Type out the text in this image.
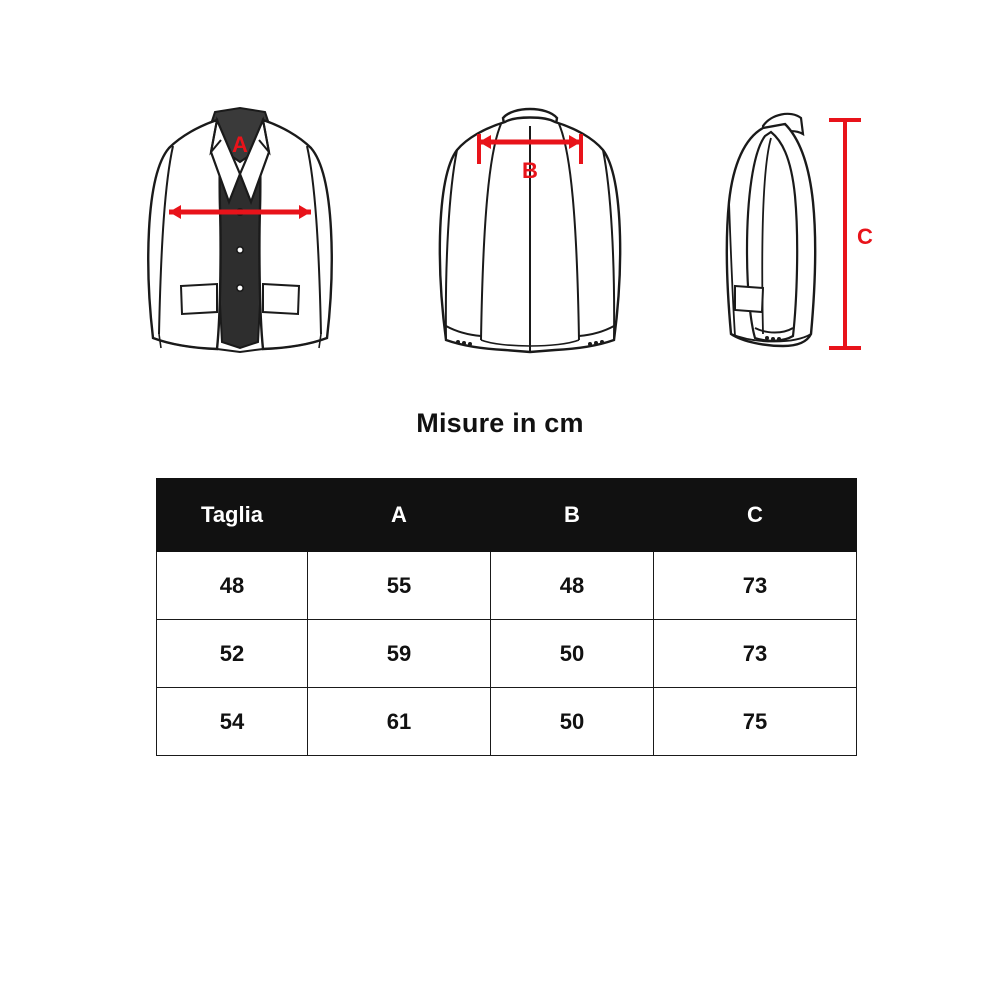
A
B
C
Misure in cm
Taglia	A	B	C
48	55	48	73
52	59	50	73
54	61	50	75
